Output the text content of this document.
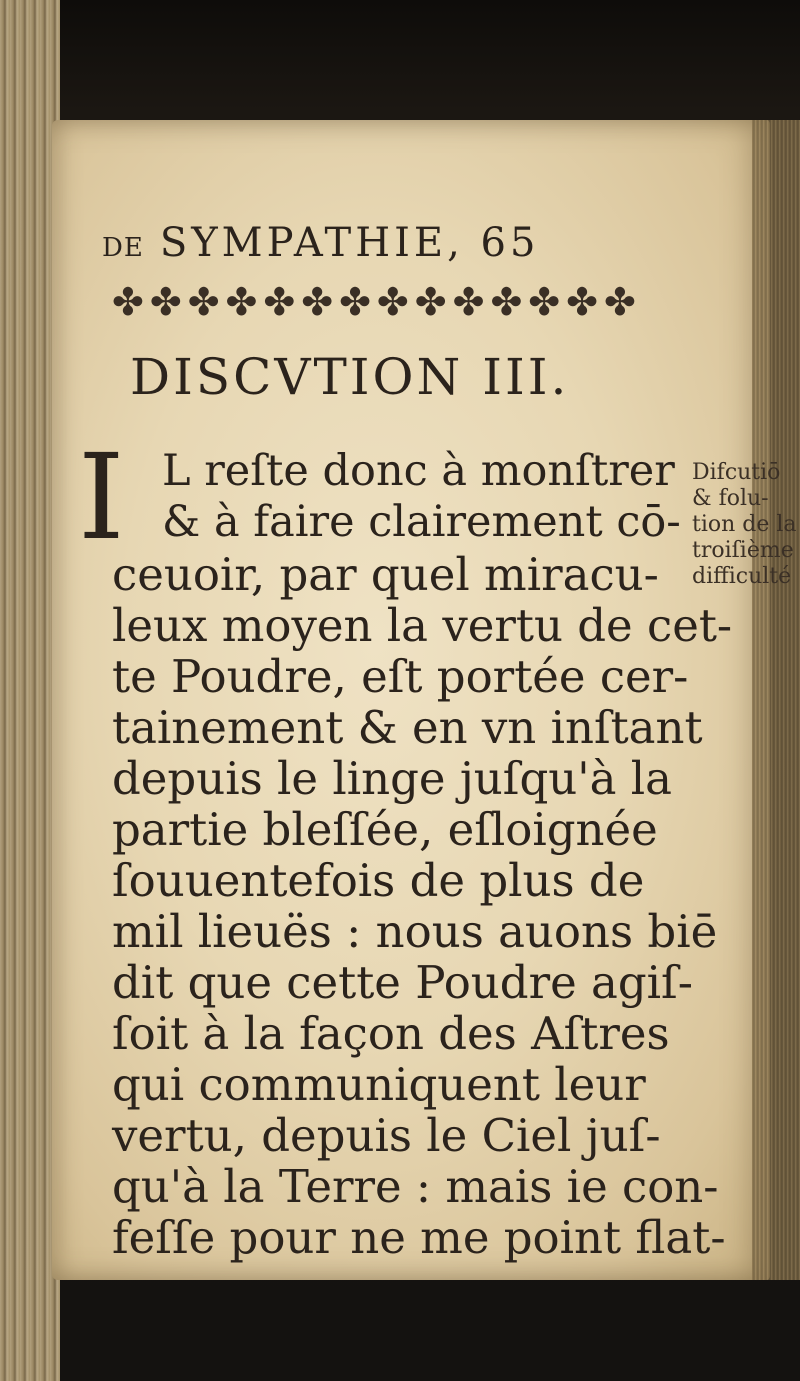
DE SYMPATHIE, 65
✤ ✤ ✤ ✤ ✤ ✤ ✤ ✤ ✤ ✤ ✤ ✤ ✤ ✤
DISCVTION III.
I L reſte donc à monſtrer
& à faire clairement cō-
ceuoir, par quel miracu-
leux moyen la vertu de cet-
te Poudre, eſt portée cer-
tainement & en vn inſtant
depuis le linge juſqu'à la
partie bleſſée, eſloignée
ſouuentefois de plus de
mil lieuës : nous auons biē
dit que cette Poudre agiſ-
ſoit à la façon des Aſtres
qui communiquent leur
vertu, depuis le Ciel juſ-
qu'à la Terre : mais ie con-
feſſe pour ne me point flat-
Difcutiō
& folu-
tion de la
troiſième
difficulté
